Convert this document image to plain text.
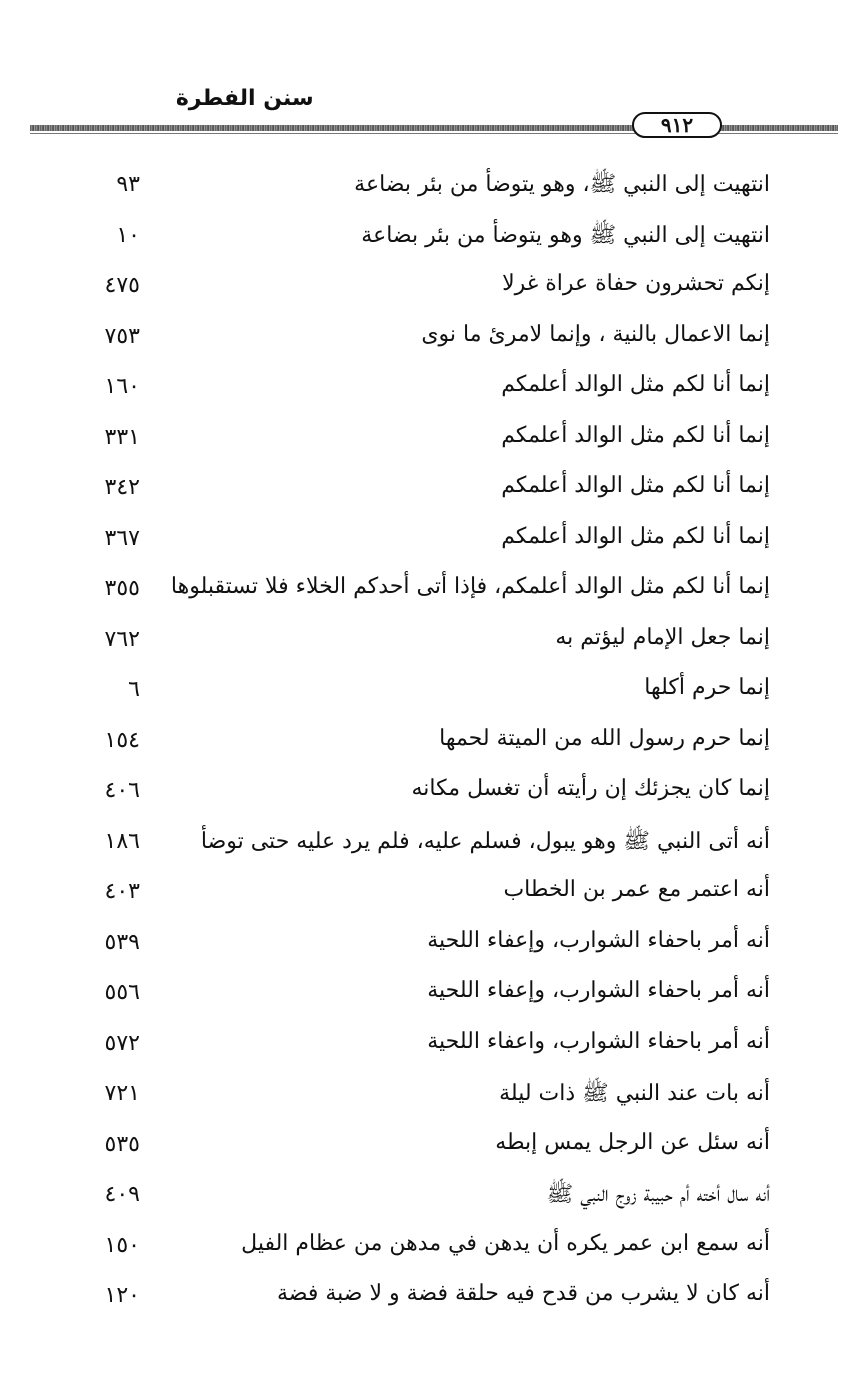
سنن الفطرة
٩١٢
انتهيت إلى النبي ﷺ، وهو يتوضأ من بئر بضاعة
٩٣
انتهيت إلى النبي ﷺ وهو يتوضأ من بئر بضاعة
١٠
إنكم تحشرون حفاة عراة غرلا
٤٧٥
إنما الاعمال بالنية ، وإنما لامرئ ما نوى
٧٥٣
إنما أنا لكم مثل الوالد أعلمكم
١٦٠
إنما أنا لكم مثل الوالد أعلمكم
٣٣١
إنما أنا لكم مثل الوالد أعلمكم
٣٤٢
إنما أنا لكم مثل الوالد أعلمكم
٣٦٧
إنما أنا لكم مثل الوالد أعلمكم، فإذا أتى أحدكم الخلاء فلا تستقبلوها
٣٥٥
إنما جعل الإمام ليؤتم به
٧٦٢
إنما حرم أكلها
٦
إنما حرم رسول الله من الميتة لحمها
١٥٤
إنما كان يجزئك إن رأيته أن تغسل مكانه
٤٠٦
أنه أتى النبي ﷺ وهو يبول، فسلم عليه، فلم يرد عليه حتى توضأ
١٨٦
أنه اعتمر مع عمر بن الخطاب
٤٠٣
أنه أمر باحفاء الشوارب، وإعفاء اللحية
٥٣٩
أنه أمر باحفاء الشوارب، وإعفاء اللحية
٥٥٦
أنه أمر باحفاء الشوارب، واعفاء اللحية
٥٧٢
أنه بات عند النبي ﷺ ذات ليلة
٧٢١
أنه سئل عن الرجل يمس إبطه
٥٣٥
أنه سال أخته أم حبيبة زوج النبي ﷺ
٤٠٩
أنه سمع ابن عمر يكره أن يدهن في مدهن من عظام الفيل
١٥٠
أنه كان لا يشرب من قدح فيه حلقة فضة و لا ضبة فضة
١٢٠
